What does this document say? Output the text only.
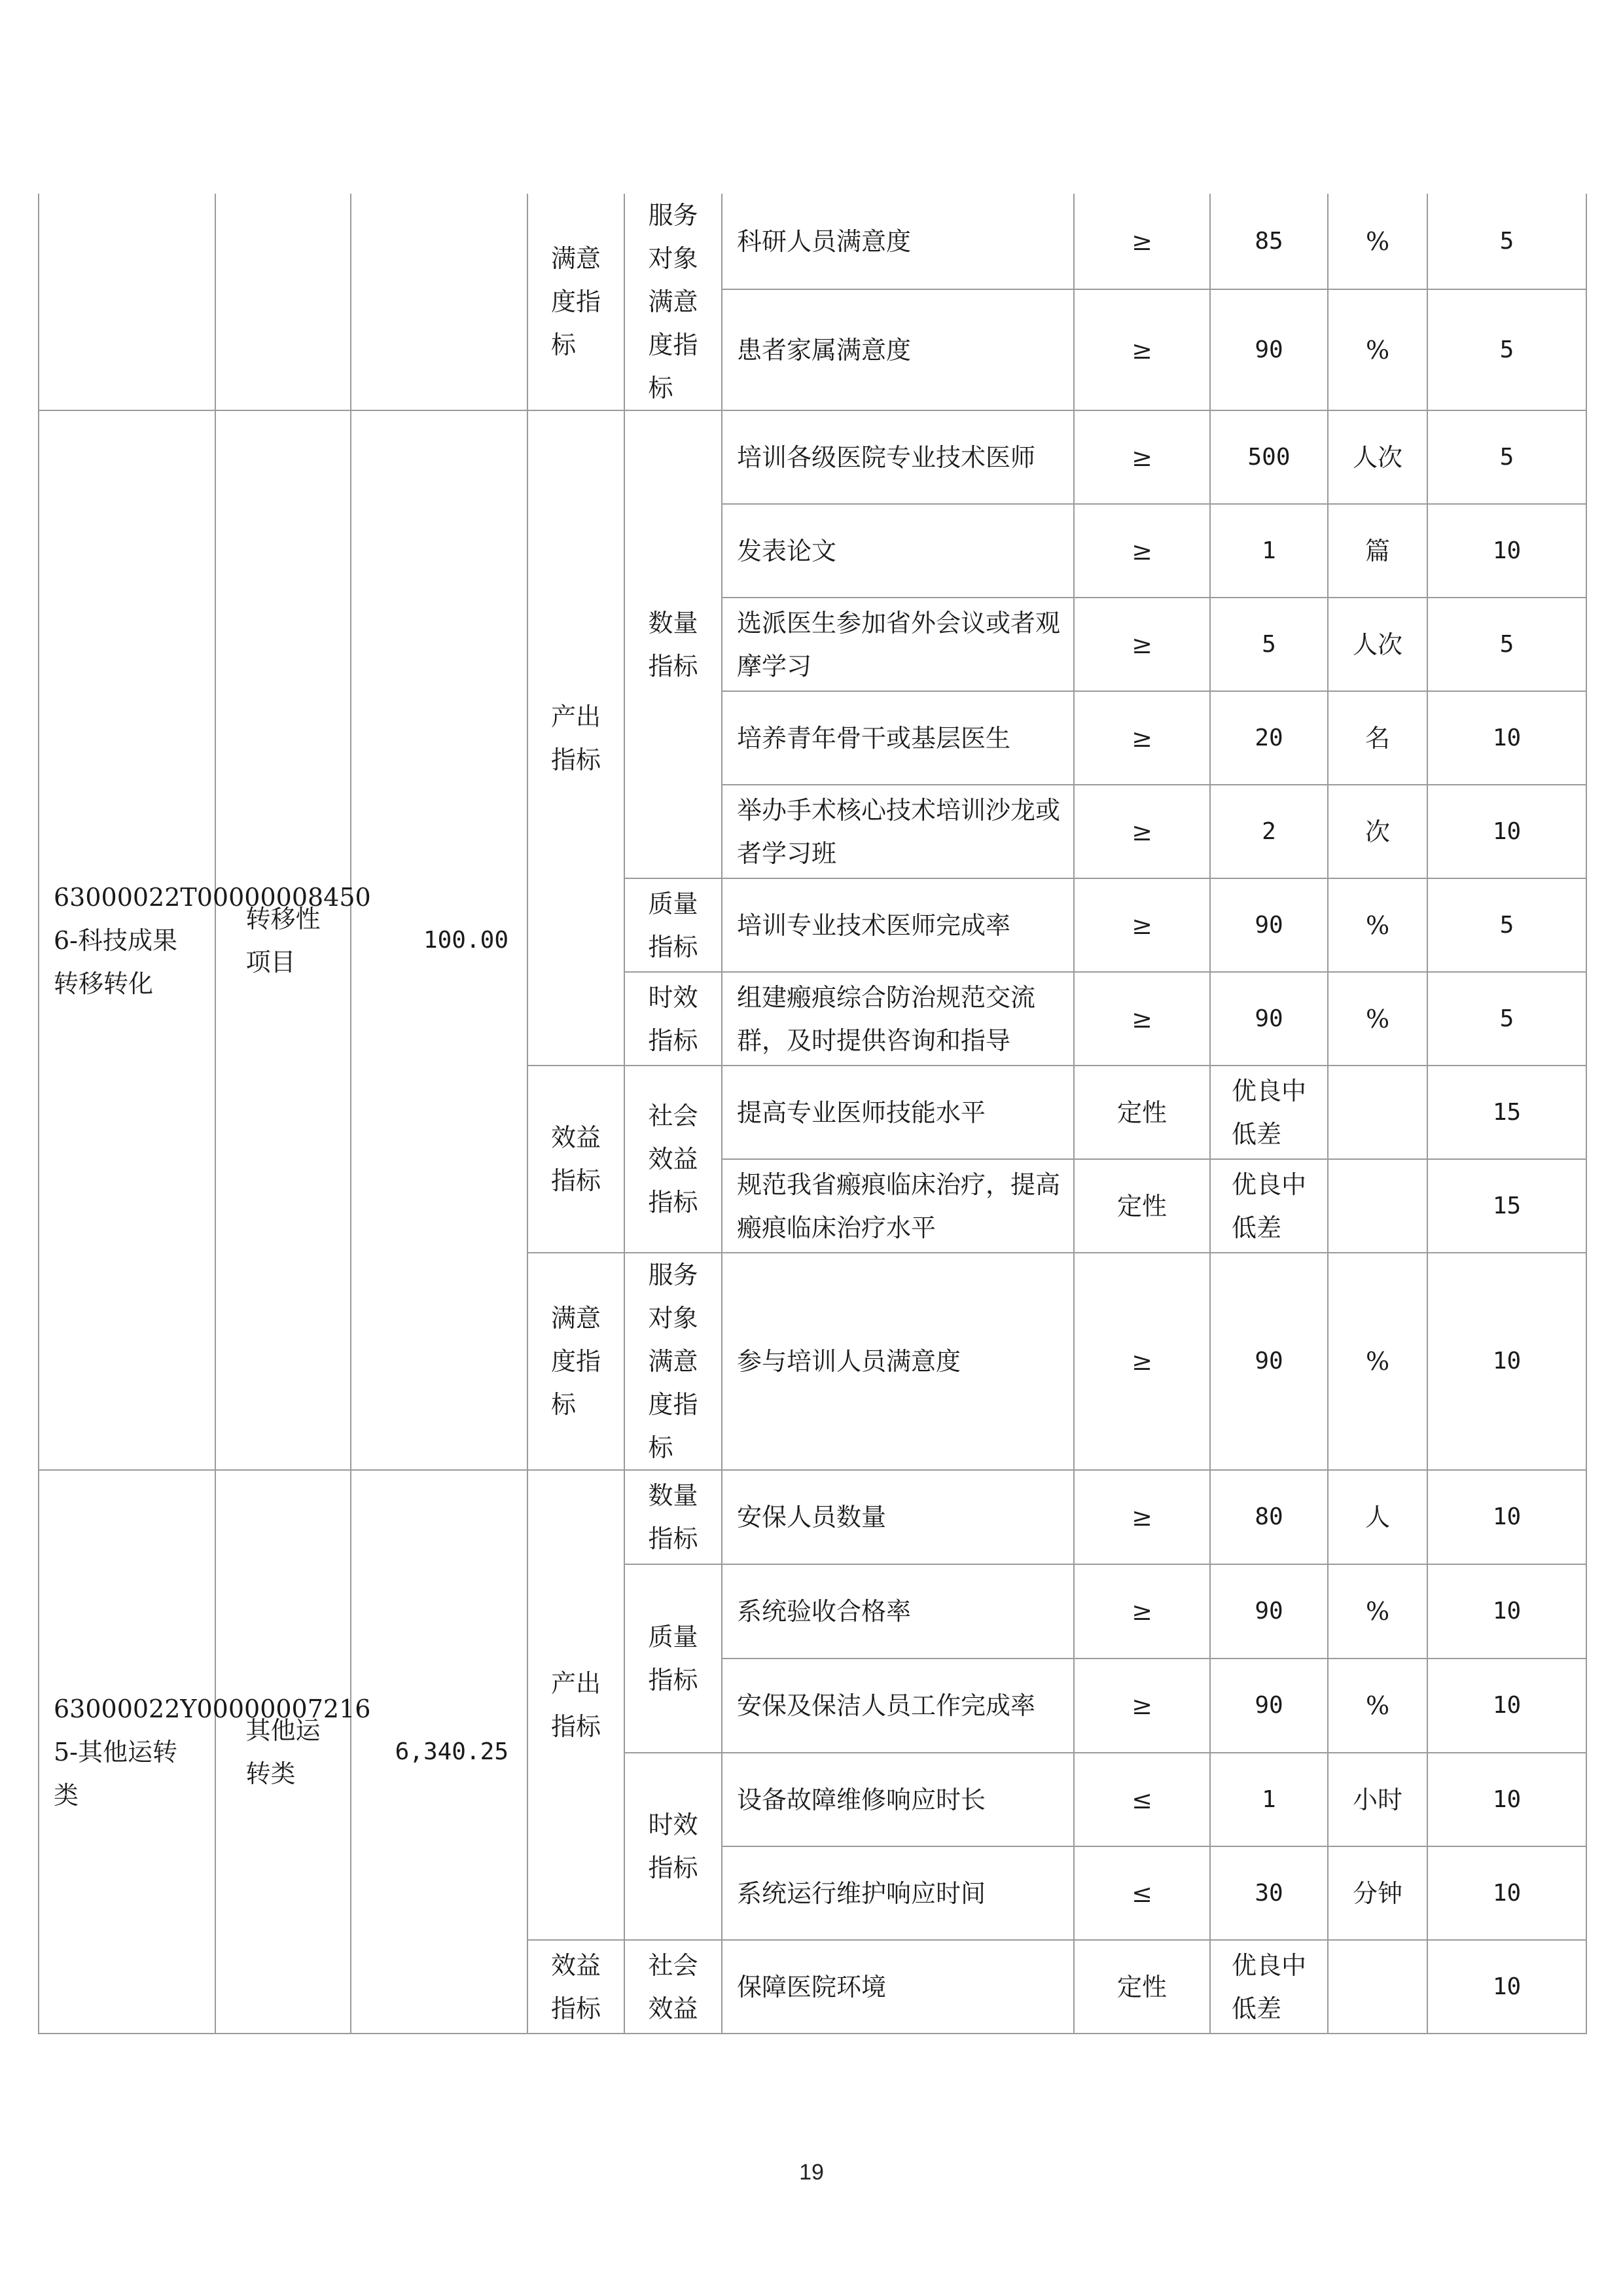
			满意度指标	服务对象满意度指标	科研人员满意度	≥	85	%	5
					患者家属满意度	≥	90	%	5
63000022T00000008450 6-科技成果转移转化	转移性项目	100.00	产出指标	数量指标	培训各级医院专业技术医师	≥	500	人次	5
					发表论文	≥	1	篇	10
					选派医生参加省外会议或者观摩学习	≥	5	人次	5
					培养青年骨干或基层医生	≥	20	名	10
					举办手术核心技术培训沙龙或者学习班	≥	2	次	10
				质量指标	培训专业技术医师完成率	≥	90	%	5
				时效指标	组建瘢痕综合防治规范交流群，及时提供咨询和指导	≥	90	%	5
			效益指标	社会效益指标	提高专业医师技能水平	定性	优良中低差		15
					规范我省瘢痕临床治疗，提高瘢痕临床治疗水平	定性	优良中低差		15
			满意度指标	服务对象满意度指标	参与培训人员满意度	≥	90	%	10
63000022Y00000007216 5-其他运转类	其他运转类	6,340.25	产出指标	数量指标	安保人员数量	≥	80	人	10
				质量指标	系统验收合格率	≥	90	%	10
					安保及保洁人员工作完成率	≥	90	%	10
				时效指标	设备故障维修响应时长	≤	1	小时	10
					系统运行维护响应时间	≤	30	分钟	10
			效益指标	社会效益	保障医院环境	定性	优良中低差		10
19
